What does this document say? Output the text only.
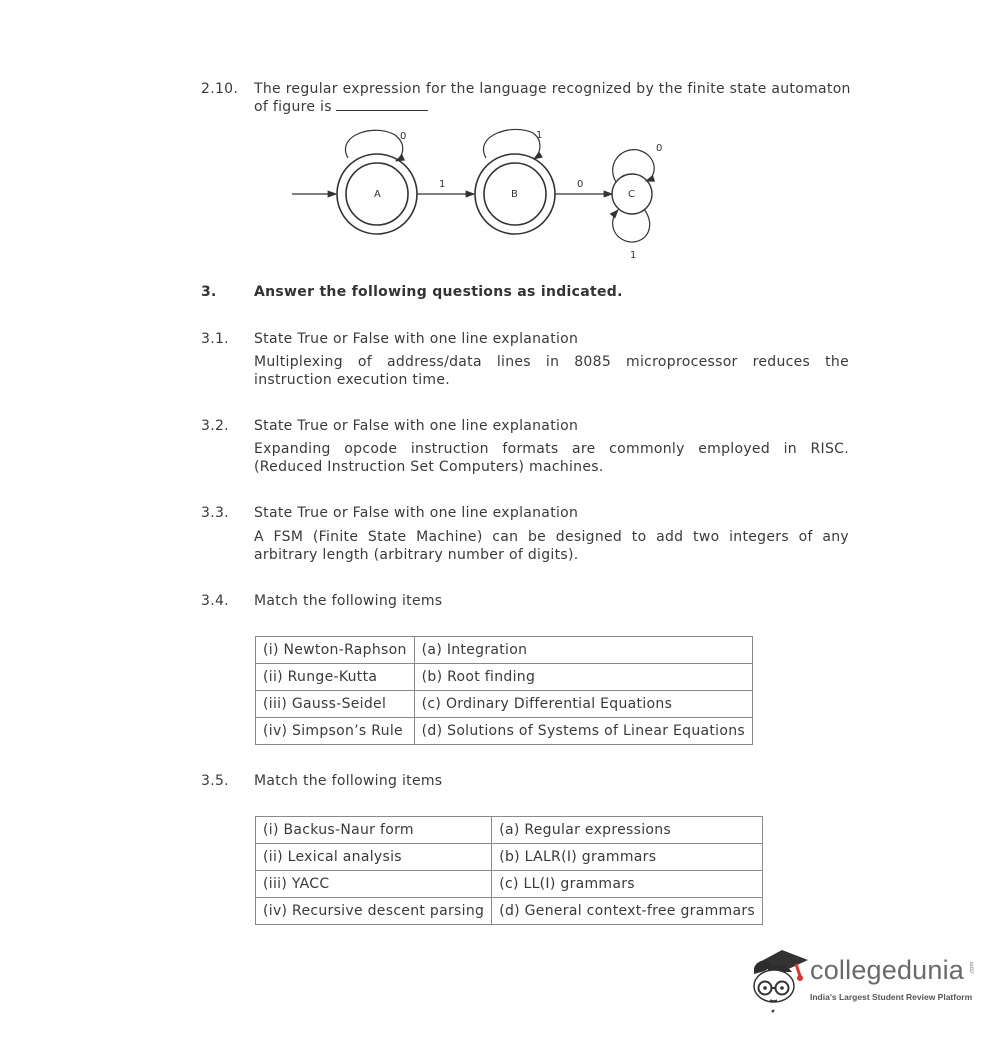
2.10. The regular expression for the language recognized by the finite state automaton
of figure is
A
0
1
B
1
0
C
0
1
3.	Answer the following questions as indicated.
3.1. State True or False with one line explanation
Multiplexing of address/data lines in 8085 microprocessor reduces the instruction execution time.
3.2. State True or False with one line explanation
Expanding opcode instruction formats are commonly employed in RISC. (Reduced Instruction Set Computers) machines.
3.3. State True or False with one line explanation
A FSM (Finite State Machine) can be designed to add two integers of any arbitrary length (arbitrary number of digits).
3.4. Match the following items
(i) Newton-Raphson	(a) Integration
(ii) Runge-Kutta	(b) Root finding
(iii) Gauss-Seidel	(c) Ordinary Differential Equations
(iv) Simpson’s Rule	(d) Solutions of Systems of Linear Equations
3.5. Match the following items
(i) Backus-Naur form	(a) Regular expressions
(ii) Lexical analysis	(b) LALR(I) grammars
(iii) YACC	(c) LL(I) grammars
(iv) Recursive descent parsing	(d) General context-free grammars
collegedunia .com
India's Largest Student Review Platform
